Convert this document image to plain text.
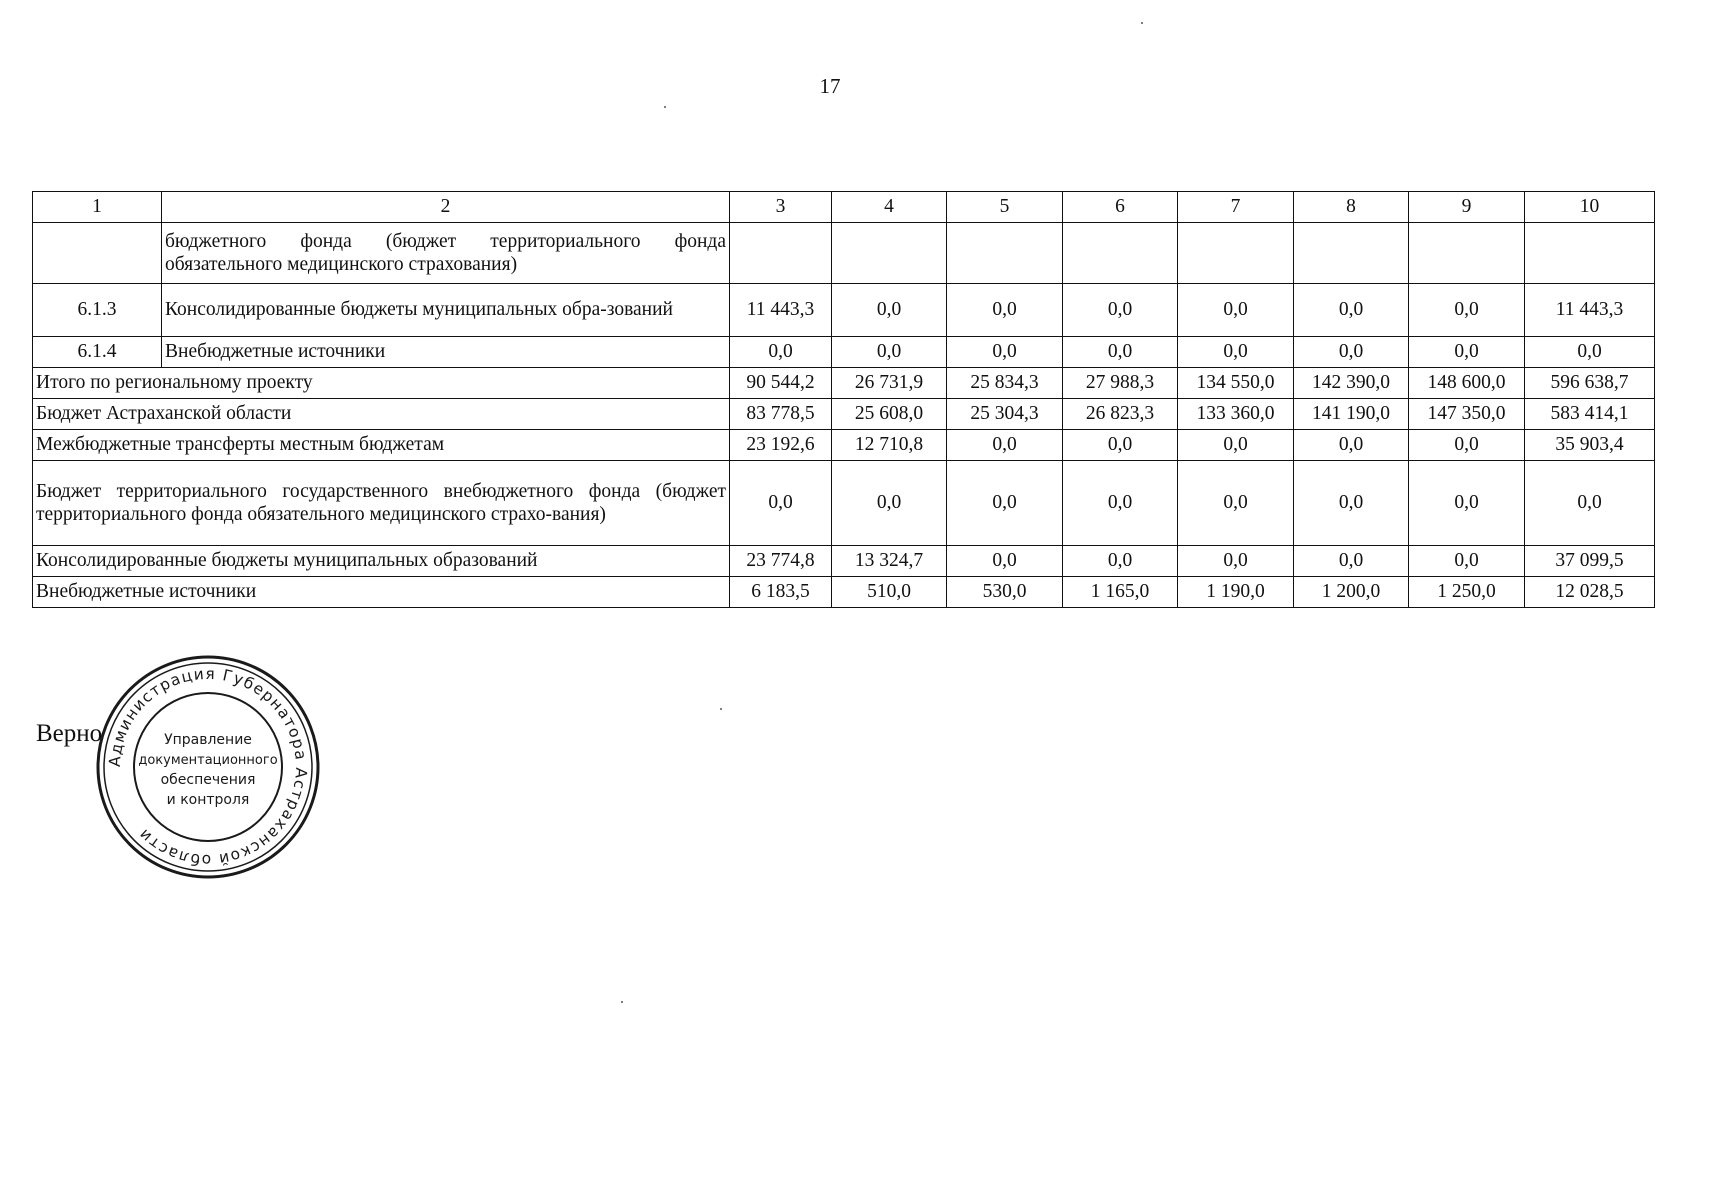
17
1	2	3	4	5	6	7	8	9	10
	бюджетного фонда (бюджет территориального фонда обязательного медицинского страхования)								
6.1.3	Консолидированные бюджеты муниципальных обра-зований	11 443,3	0,0	0,0	0,0	0,0	0,0	0,0	11 443,3
6.1.4	Внебюджетные источники	0,0	0,0	0,0	0,0	0,0	0,0	0,0	0,0
Итого по региональному проекту		90 544,2	26 731,9	25 834,3	27 988,3	134 550,0	142 390,0	148 600,0	596 638,7
Бюджет Астраханской области		83 778,5	25 608,0	25 304,3	26 823,3	133 360,0	141 190,0	147 350,0	583 414,1
Межбюджетные трансферты местным бюджетам		23 192,6	12 710,8	0,0	0,0	0,0	0,0	0,0	35 903,4
Бюджет территориального государственного внебюджетного фонда (бюджет территориального фонда обязательного медицинского страхо-вания)		0,0	0,0	0,0	0,0	0,0	0,0	0,0	0,0
Консолидированные бюджеты муниципальных образований		23 774,8	13 324,7	0,0	0,0	0,0	0,0	0,0	37 099,5
Внебюджетные источники		6 183,5	510,0	530,0	1 165,0	1 190,0	1 200,0	1 250,0	12 028,5
Верно
Администрация Губернатора Астраханской области
Управление
документационного
обеспечения
и контроля
